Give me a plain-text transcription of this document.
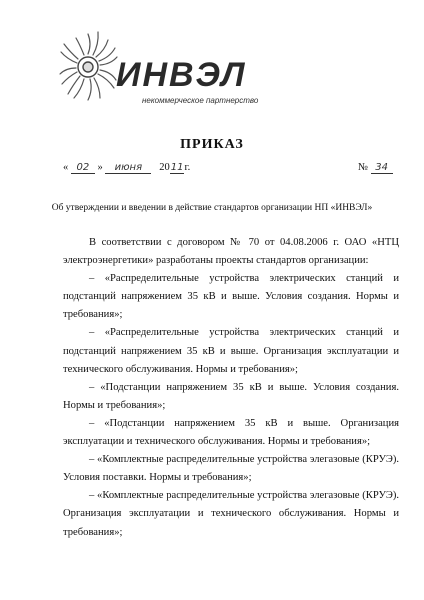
ИНВЭЛ
некоммерческое партнерство
ПРИКАЗ
« 02 » июня 2011г.	№ 34
Об утверждении и введении в действие стандартов организации НП «ИНВЭЛ»

В соответствии с договором № 70 от 04.08.2006 г. ОАО «НТЦ электроэнергетики» разработаны проекты стандартов организации:

– «Распределительные устройства электрических станций и подстанций напряжением 35 кВ и выше. Условия создания. Нормы и требования»;

– «Распределительные устройства электрических станций и подстанций напряжением 35 кВ и выше. Организация эксплуатации и технического обслуживания. Нормы и требования»;

– «Подстанции напряжением 35 кВ и выше. Условия создания. Нормы и требования»;

– «Подстанции напряжением 35 кВ и выше. Организация эксплуатации и технического обслуживания. Нормы и требования»;

– «Комплектные распределительные устройства элегазовые (КРУЭ). Условия поставки. Нормы и требования»;

– «Комплектные распределительные устройства элегазовые (КРУЭ). Организация эксплуатации и технического обслуживания. Нормы и требования»;
